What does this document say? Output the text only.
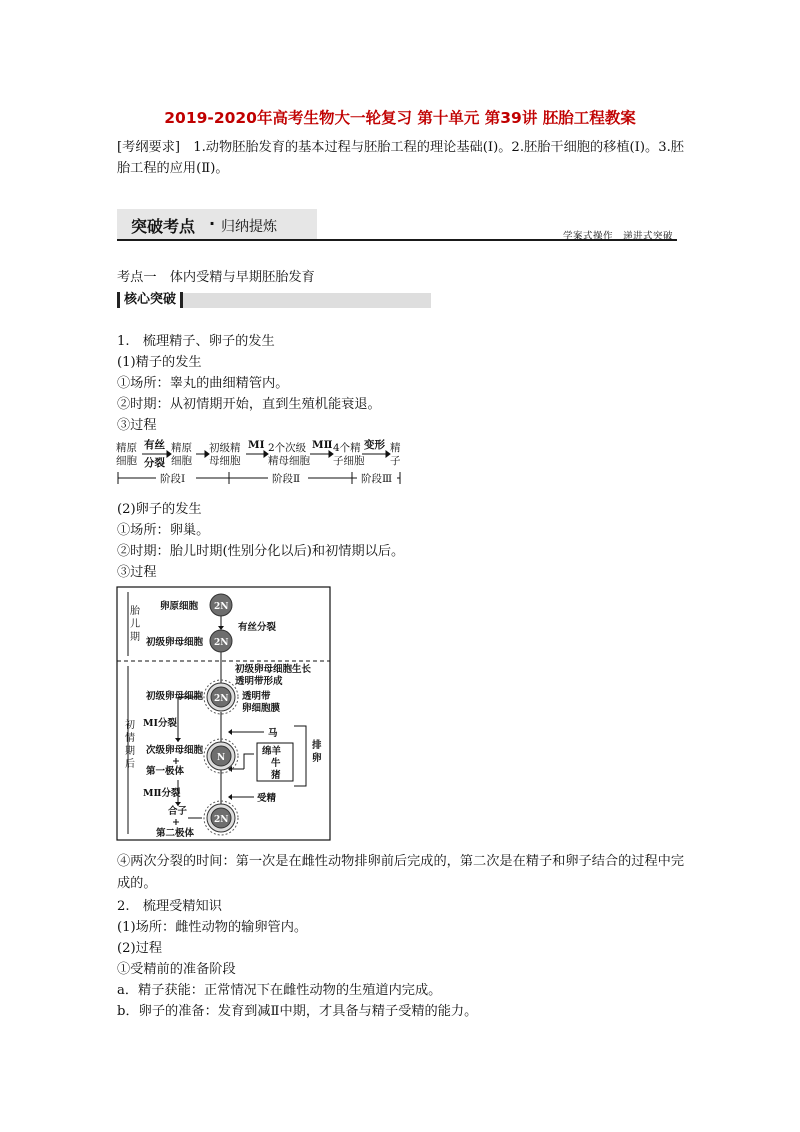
2019-2020年高考生物大一轮复习 第十单元 第39讲 胚胎工程教案
[考纲要求]　1.动物胚胎发育的基本过程与胚胎工程的理论基础(Ⅰ)。2.胚胎干细胞的移植(Ⅰ)。3.胚胎工程的应用(Ⅱ)。
突破考点 · 归纳提炼
学案式操作　递进式突破
考点一　体内受精与早期胚胎发育
核心突破
1.　梳理精子、卵子的发生
(1)精子的发生
①场所：睾丸的曲细精管内。
②时期：从初情期开始，直到生殖机能衰退。
③过程
精原
细胞
有丝
分裂
精原
细胞
初级精
母细胞
MⅠ 2个次级
精母细胞
MⅡ 4个精
子细胞
变形 精
子
阶段Ⅰ	阶段Ⅱ	阶段Ⅲ
(2)卵子的发生
①场所：卵巢。
②时期：胎儿时期(性别分化以后)和初情期以后。
③过程
胎
儿
期
初
情
期
后
卵原细胞
有丝分裂
初级卵母细胞
初级卵母细胞生长
透明带形成
初级卵母细胞	透明带
卵细胞膜
MⅠ分裂
马
次级卵母细胞
+
第一极体
绵羊
牛
猪
排
卵
MⅡ分裂	受精
合子
+
第二极体
2N
2N
2N
N
2N
④两次分裂的时间：第一次是在雌性动物排卵前后完成的，第二次是在精子和卵子结合的过程中完成的。
2.　梳理受精知识
(1)场所：雌性动物的输卵管内。
(2)过程
①受精前的准备阶段
a．精子获能：正常情况下在雌性动物的生殖道内完成。
b．卵子的准备：发育到减Ⅱ中期，才具备与精子受精的能力。
